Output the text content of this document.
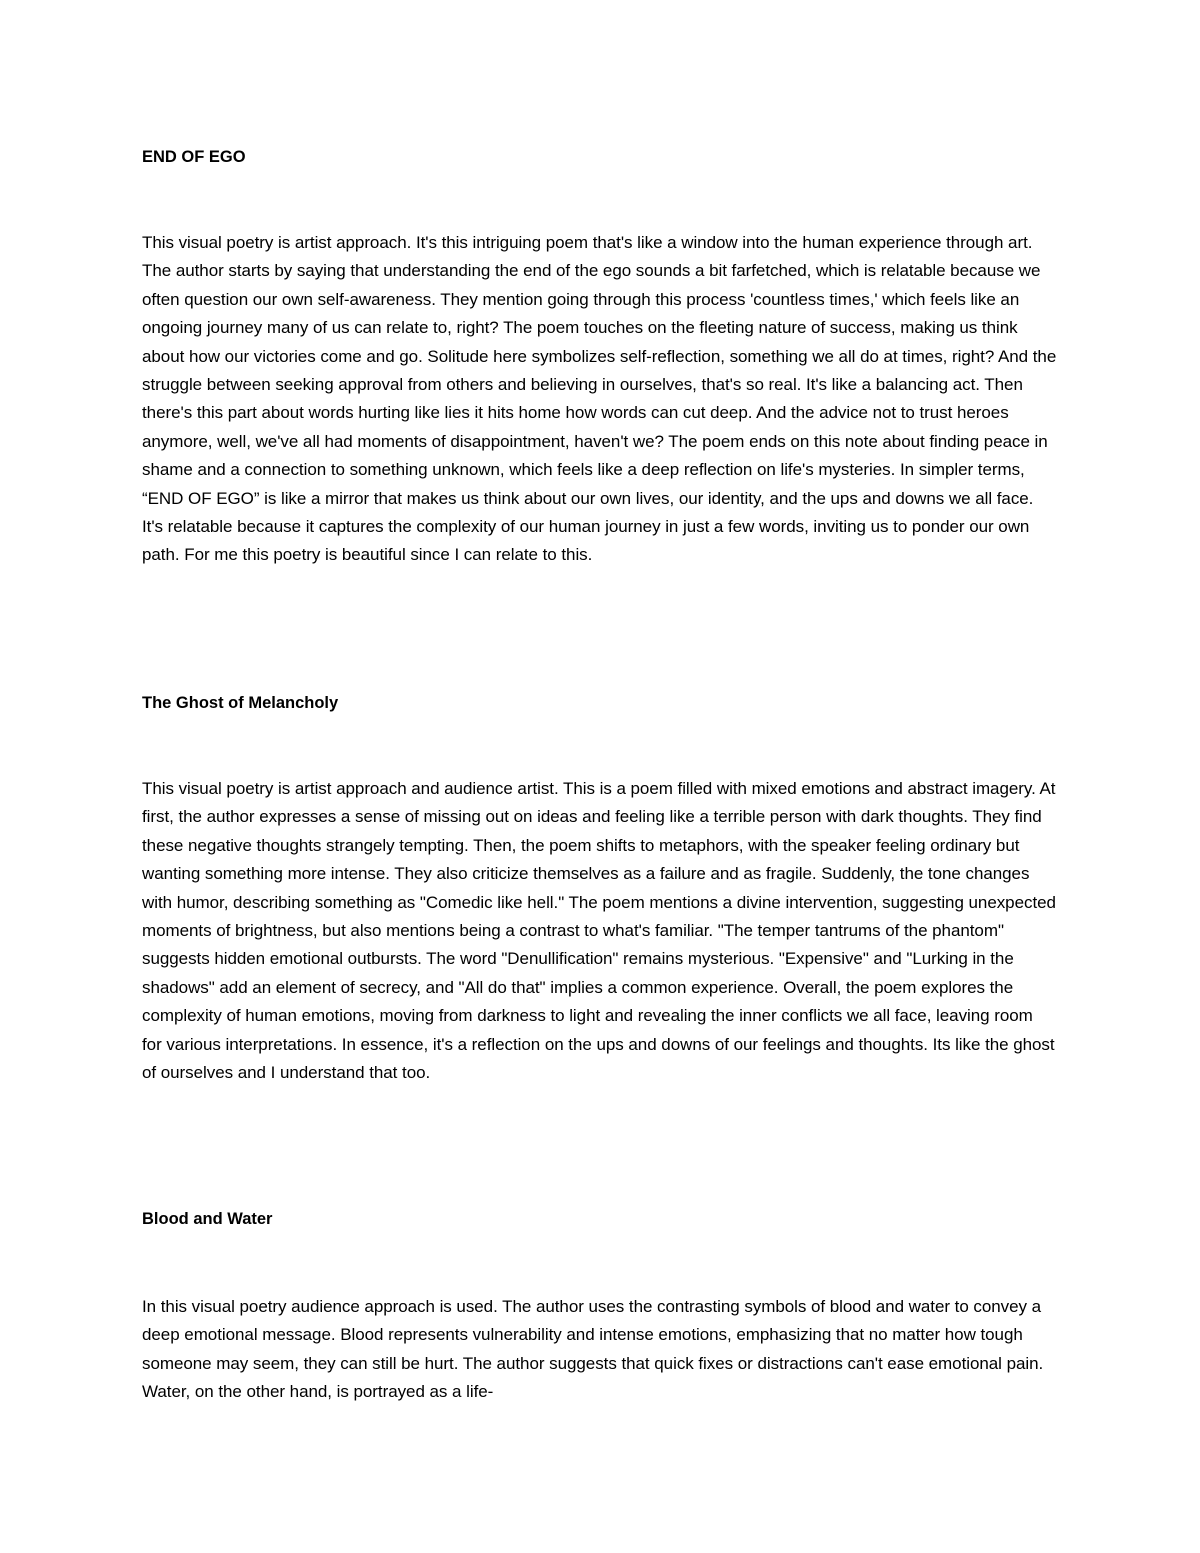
END OF EGO
This visual poetry is artist approach. It's this intriguing poem that's like a window into the human experience through art. The author starts by saying that understanding the end of the ego sounds a bit farfetched, which is relatable because we often question our own self-awareness. They mention going through this process 'countless times,' which feels like an ongoing journey many of us can relate to, right? The poem touches on the fleeting nature of success, making us think about how our victories come and go. Solitude here symbolizes self-reflection, something we all do at times, right? And the struggle between seeking approval from others and believing in ourselves, that's so real. It's like a balancing act. Then there's this part about words hurting like lies it hits home how words can cut deep. And the advice not to trust heroes anymore, well, we've all had moments of disappointment, haven't we? The poem ends on this note about finding peace in shame and a connection to something unknown, which feels like a deep reflection on life's mysteries. In simpler terms, “END OF EGO” is like a mirror that makes us think about our own lives, our identity, and the ups and downs we all face. It's relatable because it captures the complexity of our human journey in just a few words, inviting us to ponder our own path. For me this poetry is beautiful since I can relate to this.
The Ghost of Melancholy
This visual poetry is artist approach and audience artist. This is a poem filled with mixed emotions and abstract imagery. At first, the author expresses a sense of missing out on ideas and feeling like a terrible person with dark thoughts. They find these negative thoughts strangely tempting. Then, the poem shifts to metaphors, with the speaker feeling ordinary but wanting something more intense. They also criticize themselves as a failure and as fragile. Suddenly, the tone changes with humor, describing something as "Comedic like hell." The poem mentions a divine intervention, suggesting unexpected moments of brightness, but also mentions being a contrast to what's familiar. "The temper tantrums of the phantom" suggests hidden emotional outbursts. The word "Denullification" remains mysterious. "Expensive" and "Lurking in the shadows" add an element of secrecy, and "All do that" implies a common experience. Overall, the poem explores the complexity of human emotions, moving from darkness to light and revealing the inner conflicts we all face, leaving room for various interpretations. In essence, it's a reflection on the ups and downs of our feelings and thoughts. Its like the ghost of ourselves and I understand that too.
Blood and Water
In this visual poetry audience approach is used. The author uses the contrasting symbols of blood and water to convey a deep emotional message. Blood represents vulnerability and intense emotions, emphasizing that no matter how tough someone may seem, they can still be hurt. The author suggests that quick fixes or distractions can't ease emotional pain. Water, on the other hand, is portrayed as a life-
